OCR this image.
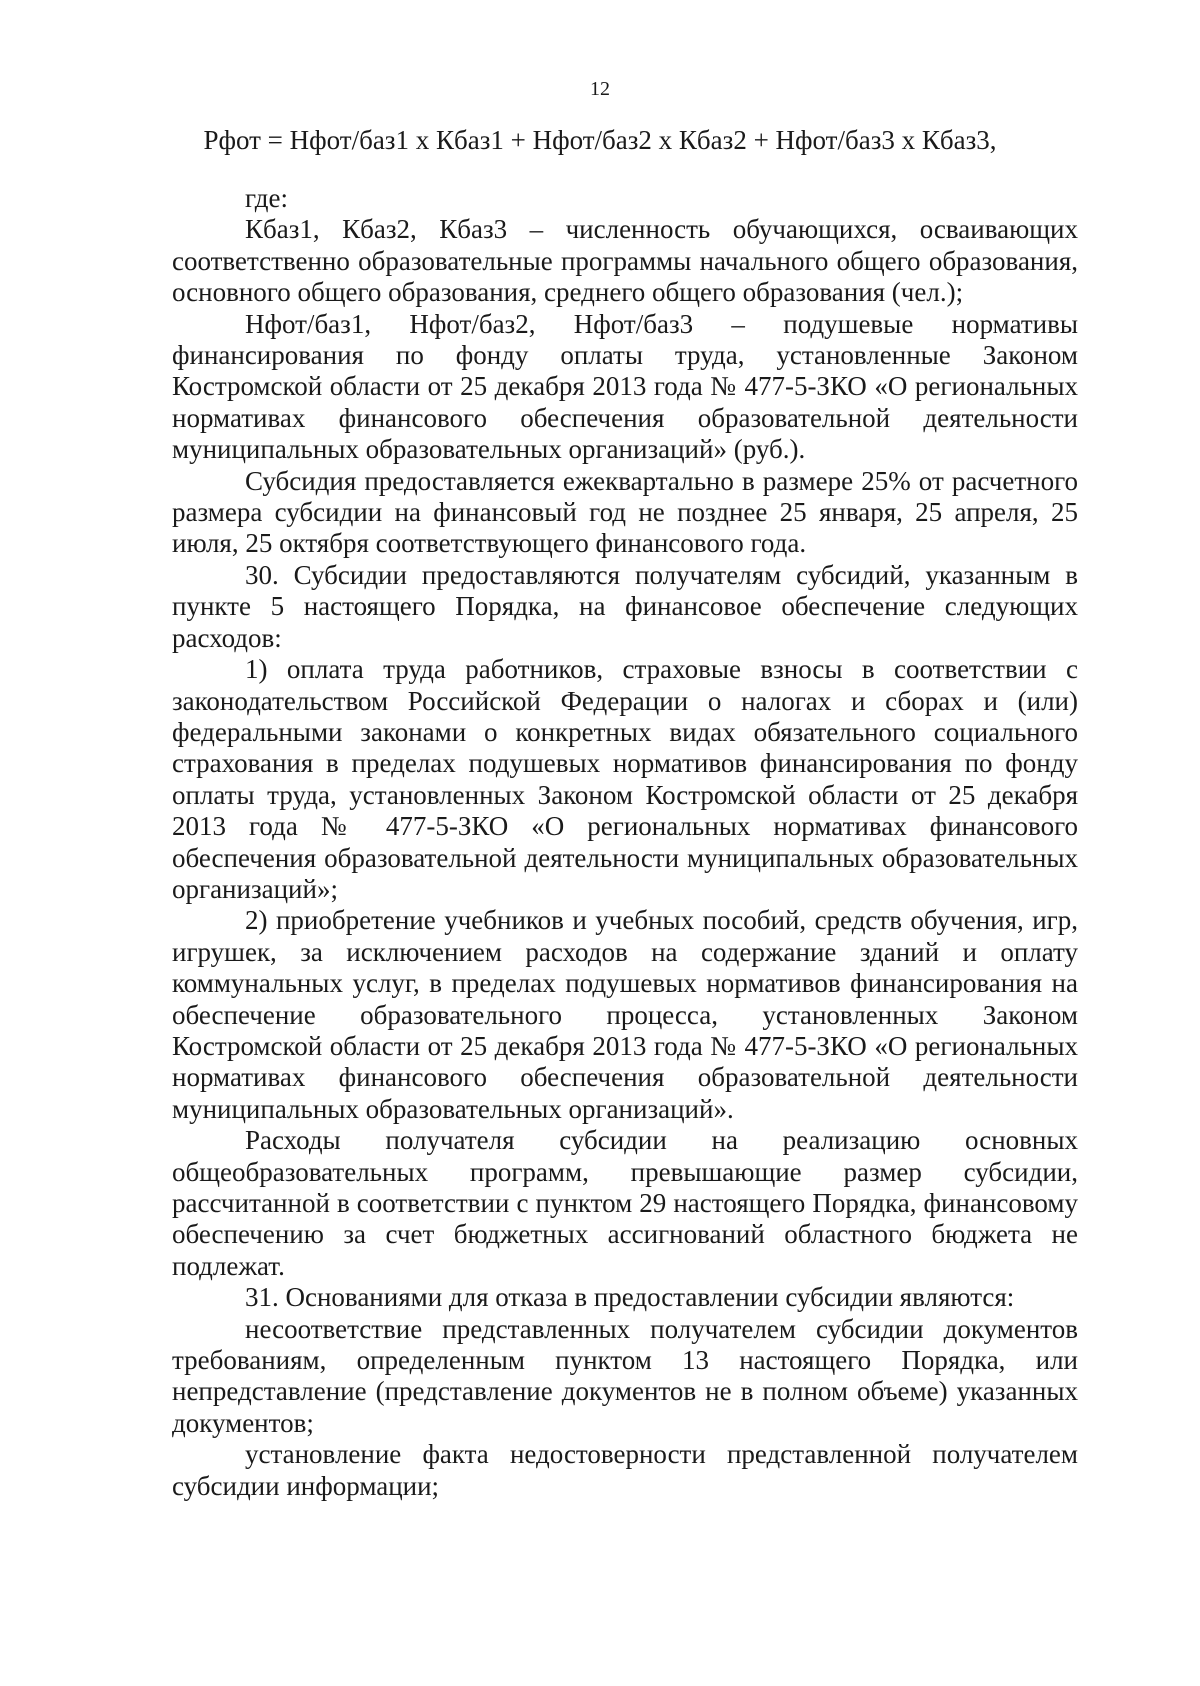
12
Рфот = Нфот/баз1 х Кбаз1 + Нфот/баз2 х Кбаз2 + Нфот/баз3 х Кбаз3,

где:

Кбаз1, Кбаз2, Кбаз3 – численность обучающихся, осваивающих соответственно образовательные программы начального общего образования, основного общего образования, среднего общего образования (чел.);

Нфот/баз1, Нфот/баз2, Нфот/баз3 – подушевые нормативы финансирования по фонду оплаты труда, установленные Законом Костромской области от 25 декабря 2013 года № 477-5-ЗКО «О региональных нормативах финансового обеспечения образовательной деятельности муниципальных образовательных организаций» (руб.).

Субсидия предоставляется ежеквартально в размере 25% от расчетного размера субсидии на финансовый год не позднее 25 января, 25 апреля, 25 июля, 25 октября соответствующего финансового года.

30. Субсидии предоставляются получателям субсидий, указанным в пункте 5 настоящего Порядка, на финансовое обеспечение следующих расходов:

1) оплата труда работников, страховые взносы в соответствии с законодательством Российской Федерации о налогах и сборах и (или) федеральными законами о конкретных видах обязательного социального страхования в пределах подушевых нормативов финансирования по фонду оплаты труда, установленных Законом Костромской области от 25 декабря 2013 года № 477-5-ЗКО «О региональных нормативах финансового обеспечения образовательной деятельности муниципальных образовательных организаций»;

2) приобретение учебников и учебных пособий, средств обучения, игр, игрушек, за исключением расходов на содержание зданий и оплату коммунальных услуг, в пределах подушевых нормативов финансирования на обеспечение образовательного процесса, установленных Законом Костромской области от 25 декабря 2013 года № 477-5-ЗКО «О региональных нормативах финансового обеспечения образовательной деятельности муниципальных образовательных организаций».

Расходы получателя субсидии на реализацию основных общеобразовательных программ, превышающие размер субсидии, рассчитанной в соответствии с пунктом 29 настоящего Порядка, финансовому обеспечению за счет бюджетных ассигнований областного бюджета не подлежат.

31. Основаниями для отказа в предоставлении субсидии являются:

несоответствие представленных получателем субсидии документов требованиям, определенным пунктом 13 настоящего Порядка, или непредставление (представление документов не в полном объеме) указанных документов;

установление факта недостоверности представленной получателем субсидии информации;
